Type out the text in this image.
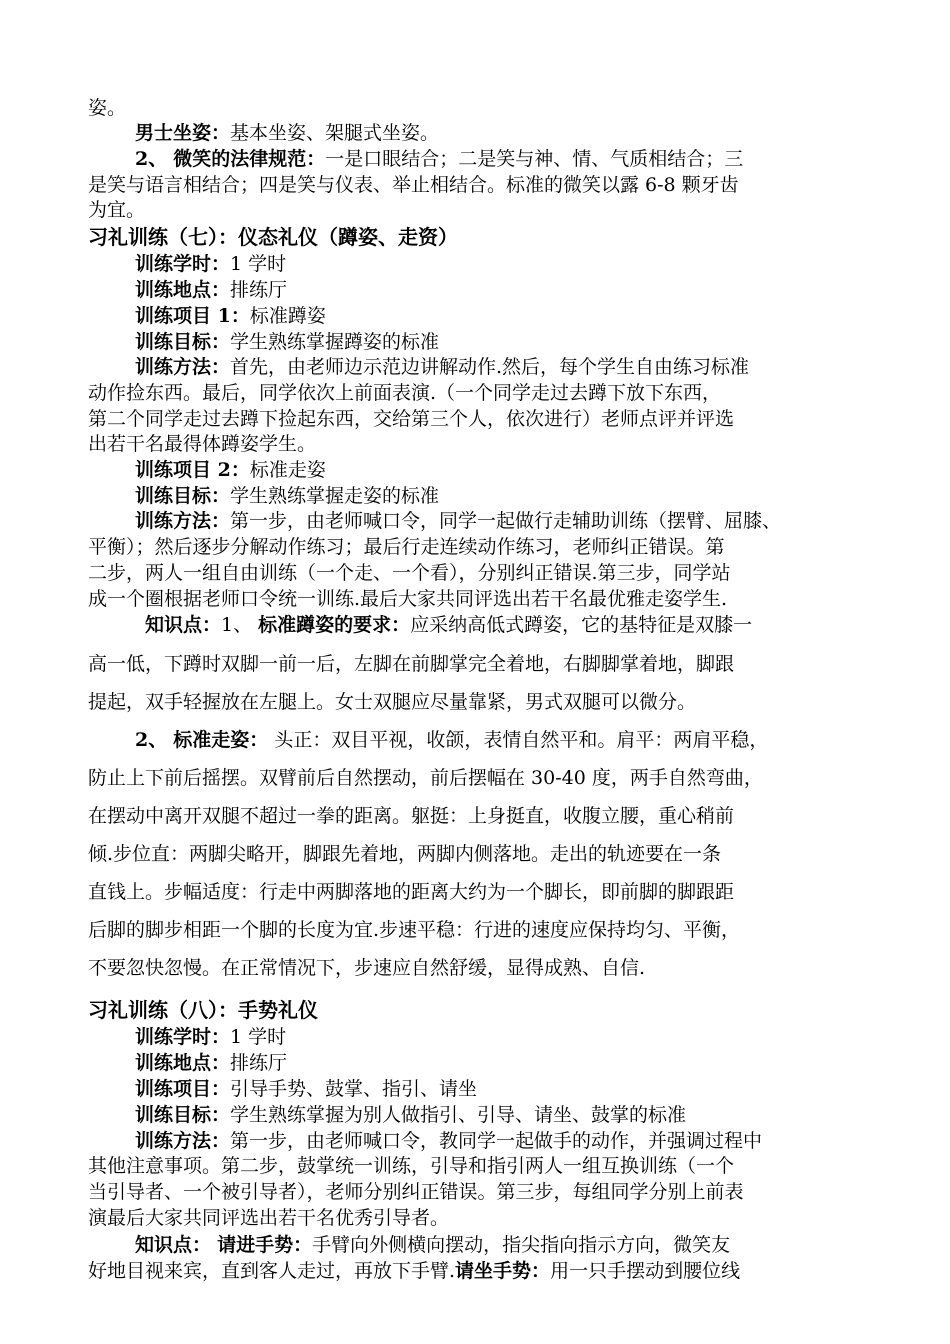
姿。
男士坐姿：基本坐姿、架腿式坐姿。
2、 微笑的法律规范：一是口眼结合；二是笑与神、情、气质相结合；三
是笑与语言相结合；四是笑与仪表、举止相结合。标准的微笑以露 6-8 颗牙齿
为宜。
习礼训练（七）：仪态礼仪（蹲姿、走资）
训练学时：1 学时
训练地点：排练厅
训练项目 1：标准蹲姿
训练目标：学生熟练掌握蹲姿的标准
训练方法：首先，由老师边示范边讲解动作.然后，每个学生自由练习标准
动作捡东西。最后，同学依次上前面表演.（一个同学走过去蹲下放下东西，
第二个同学走过去蹲下捡起东西，交给第三个人，依次进行）老师点评并评选
出若干名最得体蹲姿学生。
训练项目 2：标准走姿
训练目标：学生熟练掌握走姿的标准
训练方法：第一步，由老师喊口令，同学一起做行走辅助训练（摆臂、屈膝、
平衡）；然后逐步分解动作练习；最后行走连续动作练习，老师纠正错误。第
二步，两人一组自由训练（一个走、一个看），分别纠正错误.第三步，同学站
成一个圈根据老师口令统一训练.最后大家共同评选出若干名最优雅走姿学生.
知识点：1、 标准蹲姿的要求：应采纳高低式蹲姿，它的基特征是双膝一
高一低，下蹲时双脚一前一后，左脚在前脚掌完全着地，右脚脚掌着地，脚跟
提起，双手轻握放在左腿上。女士双腿应尽量靠紧，男式双腿可以微分。
2、 标准走姿： 头正：双目平视，收颌，表情自然平和。肩平：两肩平稳，
防止上下前后摇摆。双臂前后自然摆动，前后摆幅在 30-40 度，两手自然弯曲，
在摆动中离开双腿不超过一拳的距离。躯挺：上身挺直，收腹立腰，重心稍前
倾.步位直：两脚尖略开，脚跟先着地，两脚内侧落地。走出的轨迹要在一条
直钱上。步幅适度：行走中两脚落地的距离大约为一个脚长，即前脚的脚跟距
后脚的脚步相距一个脚的长度为宜.步速平稳：行进的速度应保持均匀、平衡，
不要忽快忽慢。在正常情况下，步速应自然舒缓，显得成熟、自信.
习礼训练（八）：手势礼仪
训练学时：1 学时
训练地点：排练厅
训练项目：引导手势、鼓掌、指引、请坐
训练目标：学生熟练掌握为别人做指引、引导、请坐、鼓掌的标准
训练方法：第一步，由老师喊口令，教同学一起做手的动作，并强调过程中
其他注意事项。第二步，鼓掌统一训练，引导和指引两人一组互换训练（一个
当引导者、一个被引导者），老师分别纠正错误。第三步，每组同学分别上前表
演最后大家共同评选出若干名优秀引导者。
知识点： 请进手势：手臂向外侧横向摆动，指尖指向指示方向，微笑友
好地目视来宾，直到客人走过，再放下手臂.请坐手势：用一只手摆动到腰位线
